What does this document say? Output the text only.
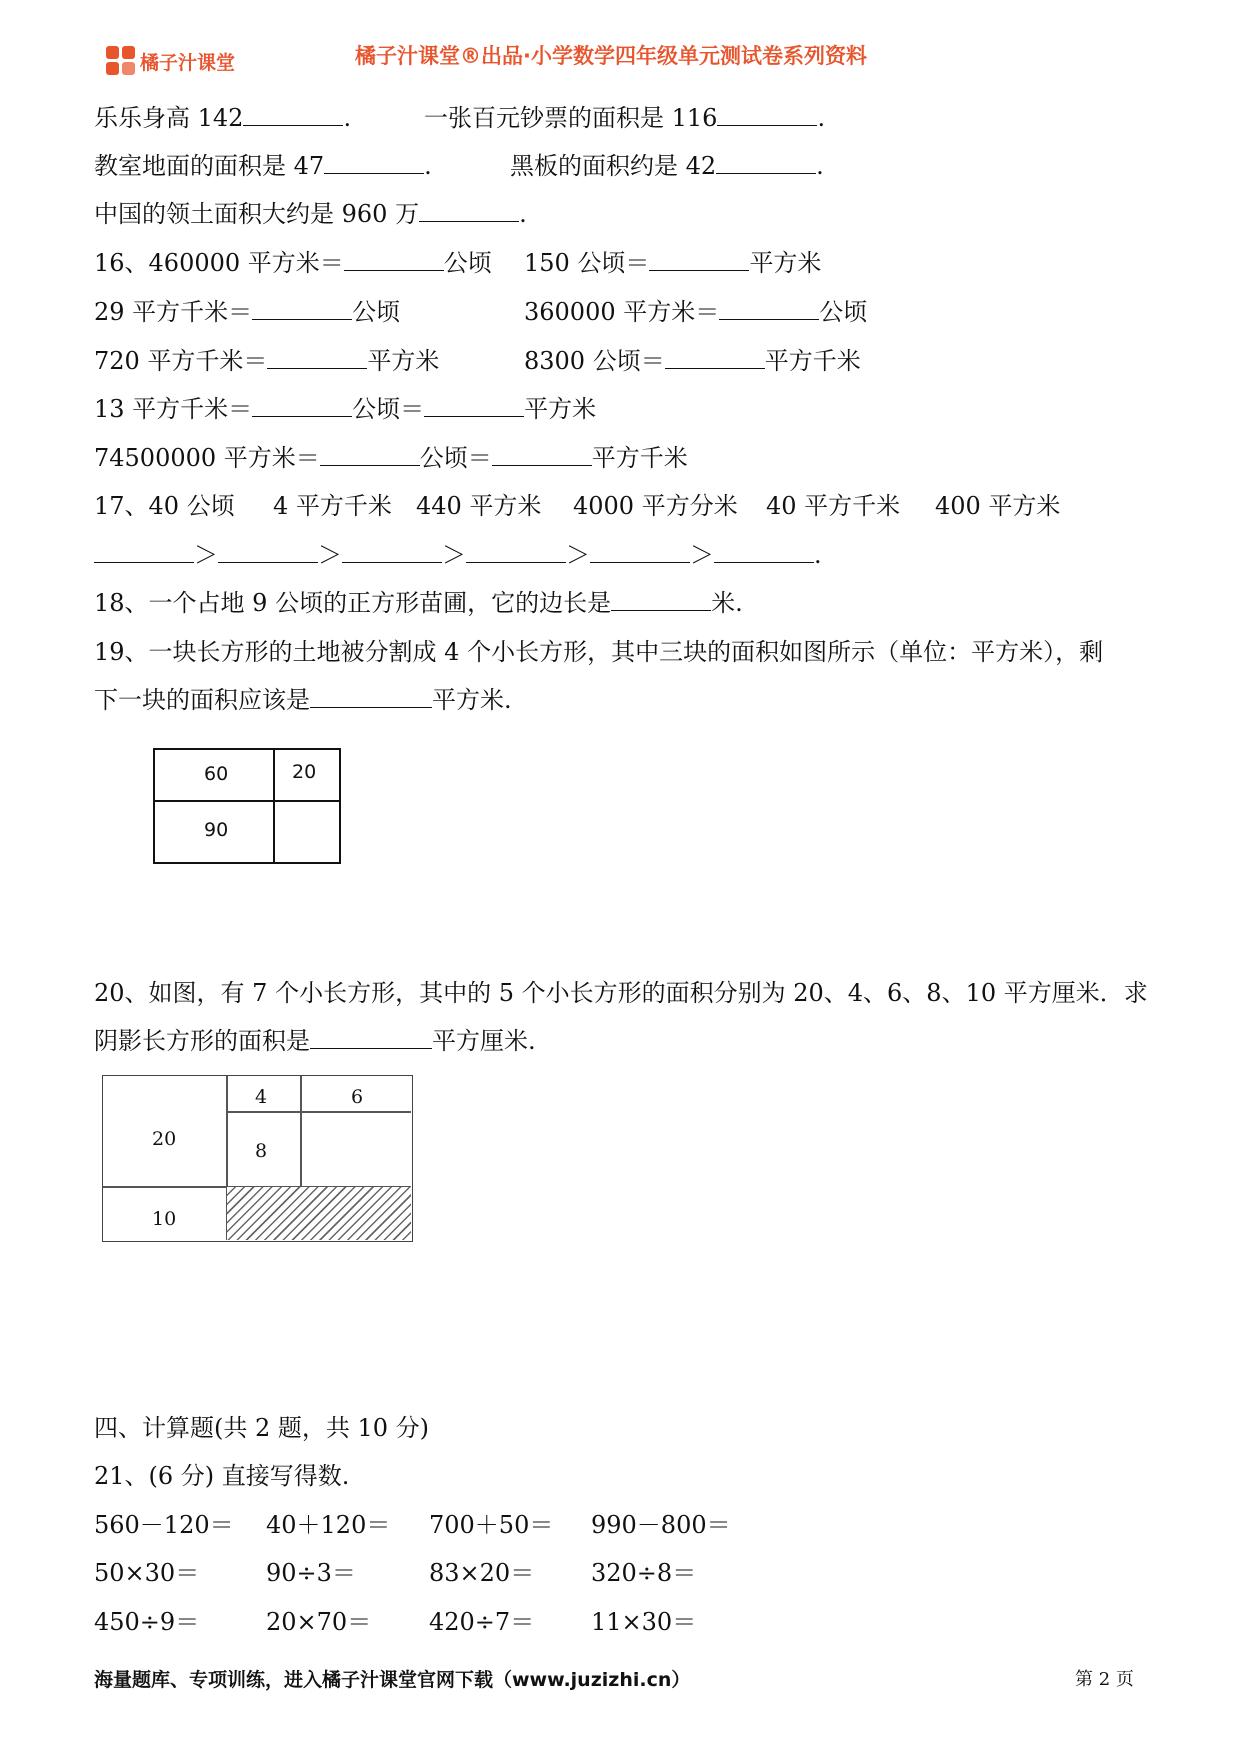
橘子汁课堂	橘子汁课堂®出品·小学数学四年级单元测试卷系列资料
乐乐身高 142	.	一张百元钞票的面积是 116	.
教室地面的面积是 47	.	黑板的面积约是 42	.
中国的领土面积大约是 960 万	.
16、460000 平方米＝	公顷 150 公顷＝	平方米
29 平方千米＝	公顷	360000 平方米＝	公顷
720 平方千米＝	平方米	8300 公顷＝	平方千米
13 平方千米＝	公顷＝	平方米
74500000 平方米＝	公顷＝	平方千米
17、40 公顷 4 平方千米 440 平方米 4000 平方分米 40 平方千米 400 平方米
＞	＞	＞	＞	＞	.
18、一个占地 9 公顷的正方形苗圃，它的边长是	米.
19、一块长方形的土地被分割成 4 个小长方形，其中三块的面积如图所示（单位：平方米），剩
下一块的面积应该是	平方米.
60	20
90
20、如图，有 7 个小长方形，其中的 5 个小长方形的面积分别为 20、4、6、8、10 平方厘米．求
阴影长方形的面积是	平方厘米.
20
4	6
8
10
四、计算题(共 2 题，共 10 分)
21、(6 分) 直接写得数.
560－120＝ 40＋120＝ 700＋50＝ 990－800＝
50×30＝	90÷3＝	83×20＝ 320÷8＝
450÷9＝	20×70＝ 420÷7＝ 11×30＝
海量题库、专项训练，进入橘子汁课堂官网下载（www.juzizhi.cn）	第 2 页
